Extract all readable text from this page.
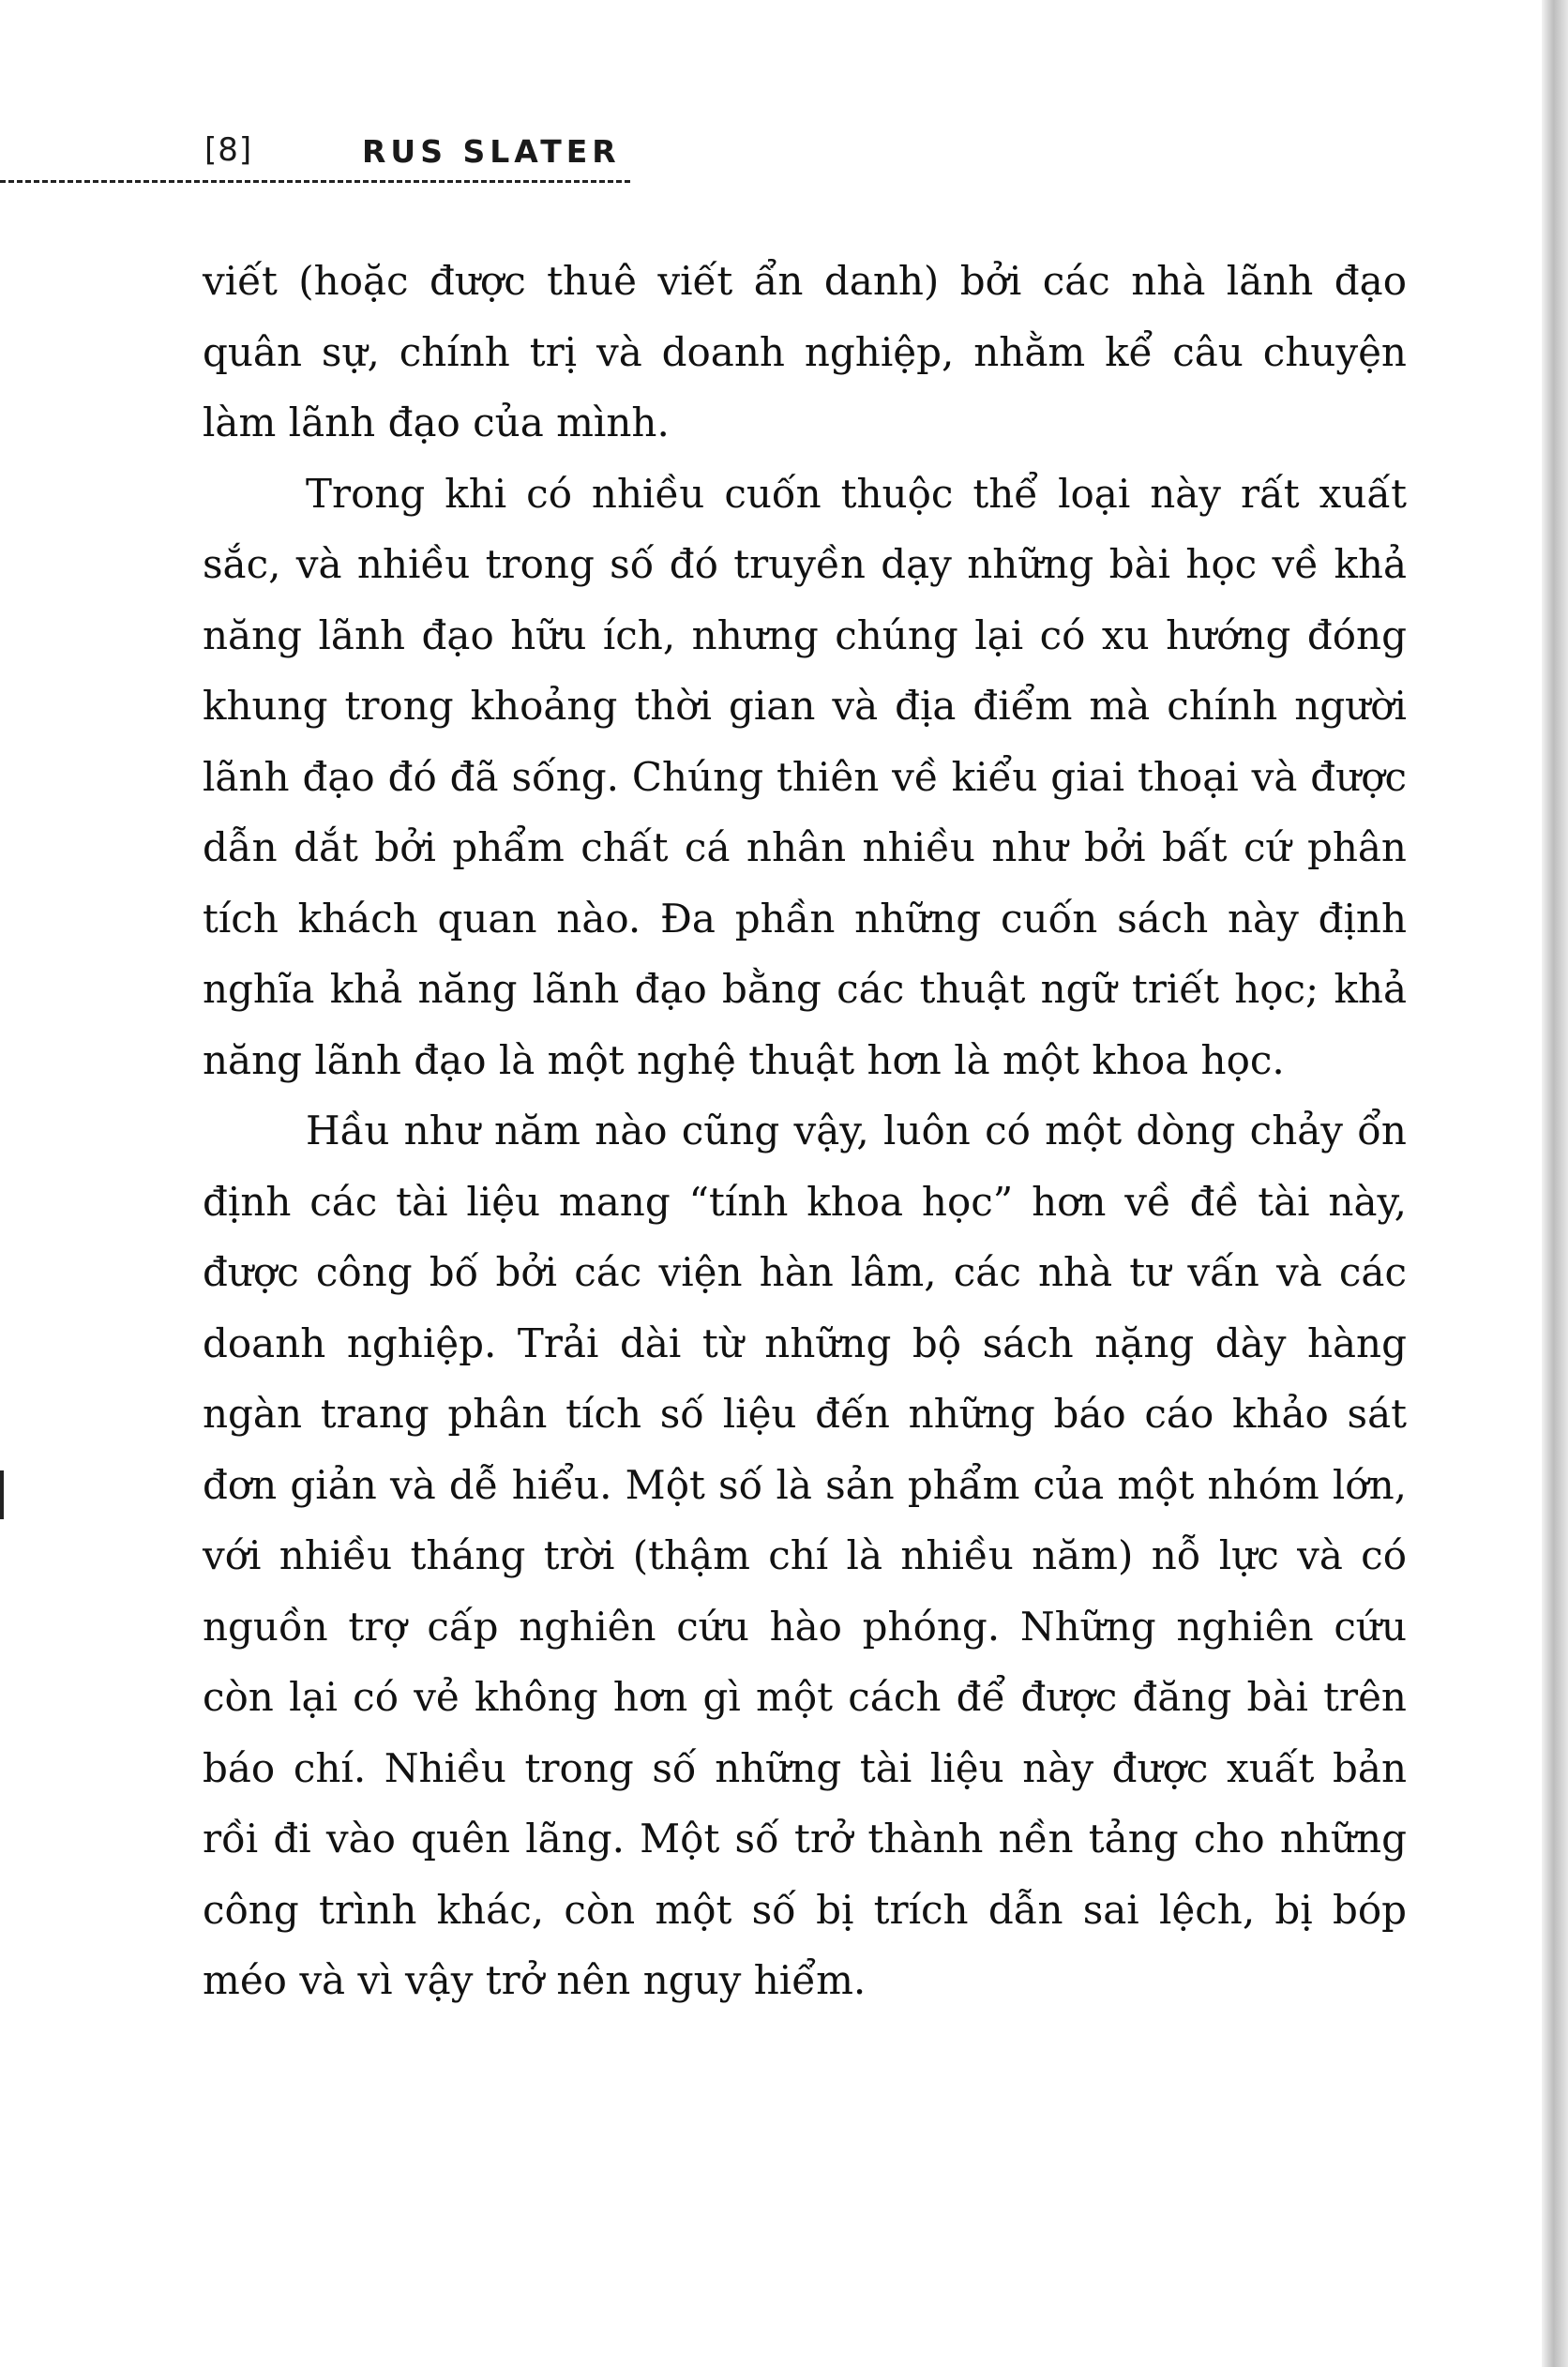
[8]	RUS SLATER

viết (hoặc được thuê viết ẩn danh) bởi các nhà lãnh đạo quân sự, chính trị và doanh nghiệp, nhằm kể câu chuyện làm lãnh đạo của mình.

Trong khi có nhiều cuốn thuộc thể loại này rất xuất sắc, và nhiều trong số đó truyền dạy những bài học về khả năng lãnh đạo hữu ích, nhưng chúng lại có xu hướng đóng khung trong khoảng thời gian và địa điểm mà chính người lãnh đạo đó đã sống. Chúng thiên về kiểu giai thoại và được dẫn dắt bởi phẩm chất cá nhân nhiều như bởi bất cứ phân tích khách quan nào. Đa phần những cuốn sách này định nghĩa khả năng lãnh đạo bằng các thuật ngữ triết học; khả năng lãnh đạo là một nghệ thuật hơn là một khoa học.

Hầu như năm nào cũng vậy, luôn có một dòng chảy ổn định các tài liệu mang “tính khoa học” hơn về đề tài này, được công bố bởi các viện hàn lâm, các nhà tư vấn và các doanh nghiệp. Trải dài từ những bộ sách nặng dày hàng ngàn trang phân tích số liệu đến những báo cáo khảo sát đơn giản và dễ hiểu. Một số là sản phẩm của một nhóm lớn, với nhiều tháng trời (thậm chí là nhiều năm) nỗ lực và có nguồn trợ cấp nghiên cứu hào phóng. Những nghiên cứu còn lại có vẻ không hơn gì một cách để được đăng bài trên báo chí. Nhiều trong số những tài liệu này được xuất bản rồi đi vào quên lãng. Một số trở thành nền tảng cho những công trình khác, còn một số bị trích dẫn sai lệch, bị bóp méo và vì vậy trở nên nguy hiểm.
